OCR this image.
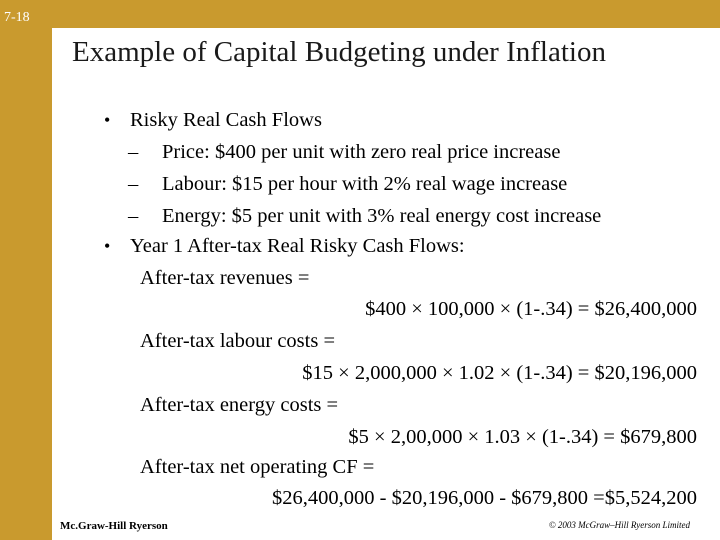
7-18
Example of Capital Budgeting under Inflation
• Risky Real Cash Flows
– Price: $400 per unit with zero real price increase
– Labour: $15 per hour with 2% real wage increase
– Energy: $5 per unit with 3% real energy cost increase
• Year 1 After-tax Real Risky Cash Flows:
After-tax revenues =
$400 × 100,000 × (1-.34) = $26,400,000
After-tax labour costs =
$15 × 2,000,000 × 1.02 × (1-.34) = $20,196,000
After-tax energy costs =
$5 × 2,00,000 × 1.03 × (1-.34) = $679,800
After-tax net operating CF =
$26,400,000 - $20,196,000 - $679,800 =$5,524,200
Mc.Graw-Hill Ryerson	© 2003 McGraw–Hill Ryerson Limited
